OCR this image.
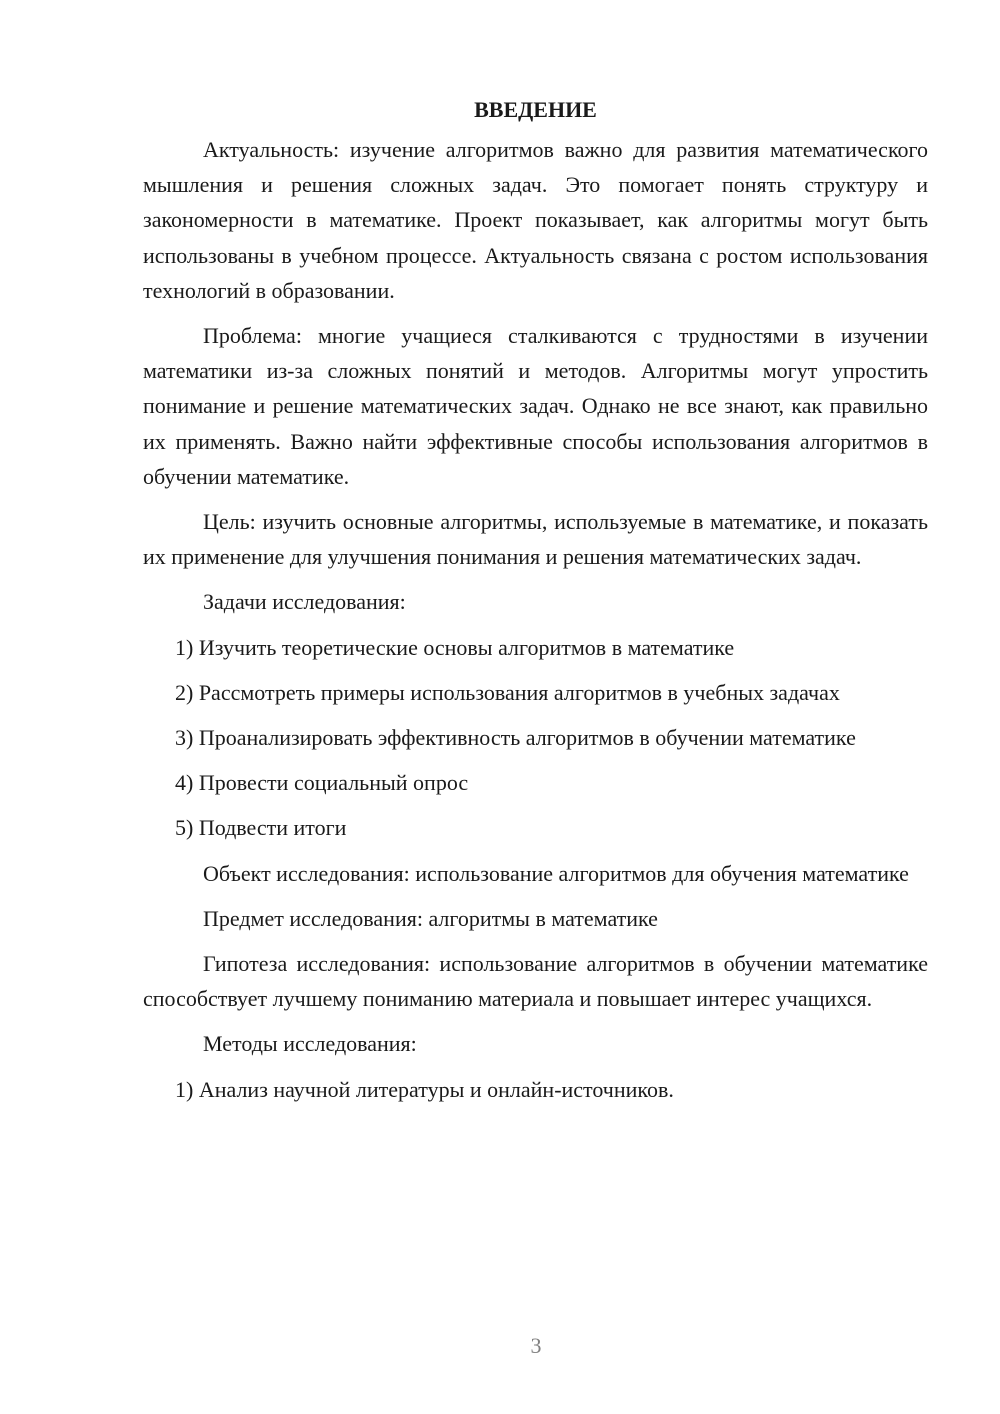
ВВЕДЕНИЕ

Актуальность: изучение алгоритмов важно для развития математического мышления и решения сложных задач. Это помогает понять структуру и закономерности в математике. Проект показывает, как алгоритмы могут быть использованы в учебном процессе. Актуальность связана с ростом использования технологий в образовании.

Проблема: многие учащиеся сталкиваются с трудностями в изучении математики из-за сложных понятий и методов. Алгоритмы могут упростить понимание и решение математических задач. Однако не все знают, как правильно их применять. Важно найти эффективные способы использования алгоритмов в обучении математике.

Цель: изучить основные алгоритмы, используемые в математике, и показать их применение для улучшения понимания и решения математических задач.

Задачи исследования:

1) Изучить теоретические основы алгоритмов в математике

2) Рассмотреть примеры использования алгоритмов в учебных задачах

3) Проанализировать эффективность алгоритмов в обучении математике

4) Провести социальный опрос

5) Подвести итоги

Объект исследования: использование алгоритмов для обучения математике

Предмет исследования: алгоритмы в математике

Гипотеза исследования: использование алгоритмов в обучении математике способствует лучшему пониманию материала и повышает интерес учащихся.

Методы исследования:

1) Анализ научной литературы и онлайн-источников.

3
